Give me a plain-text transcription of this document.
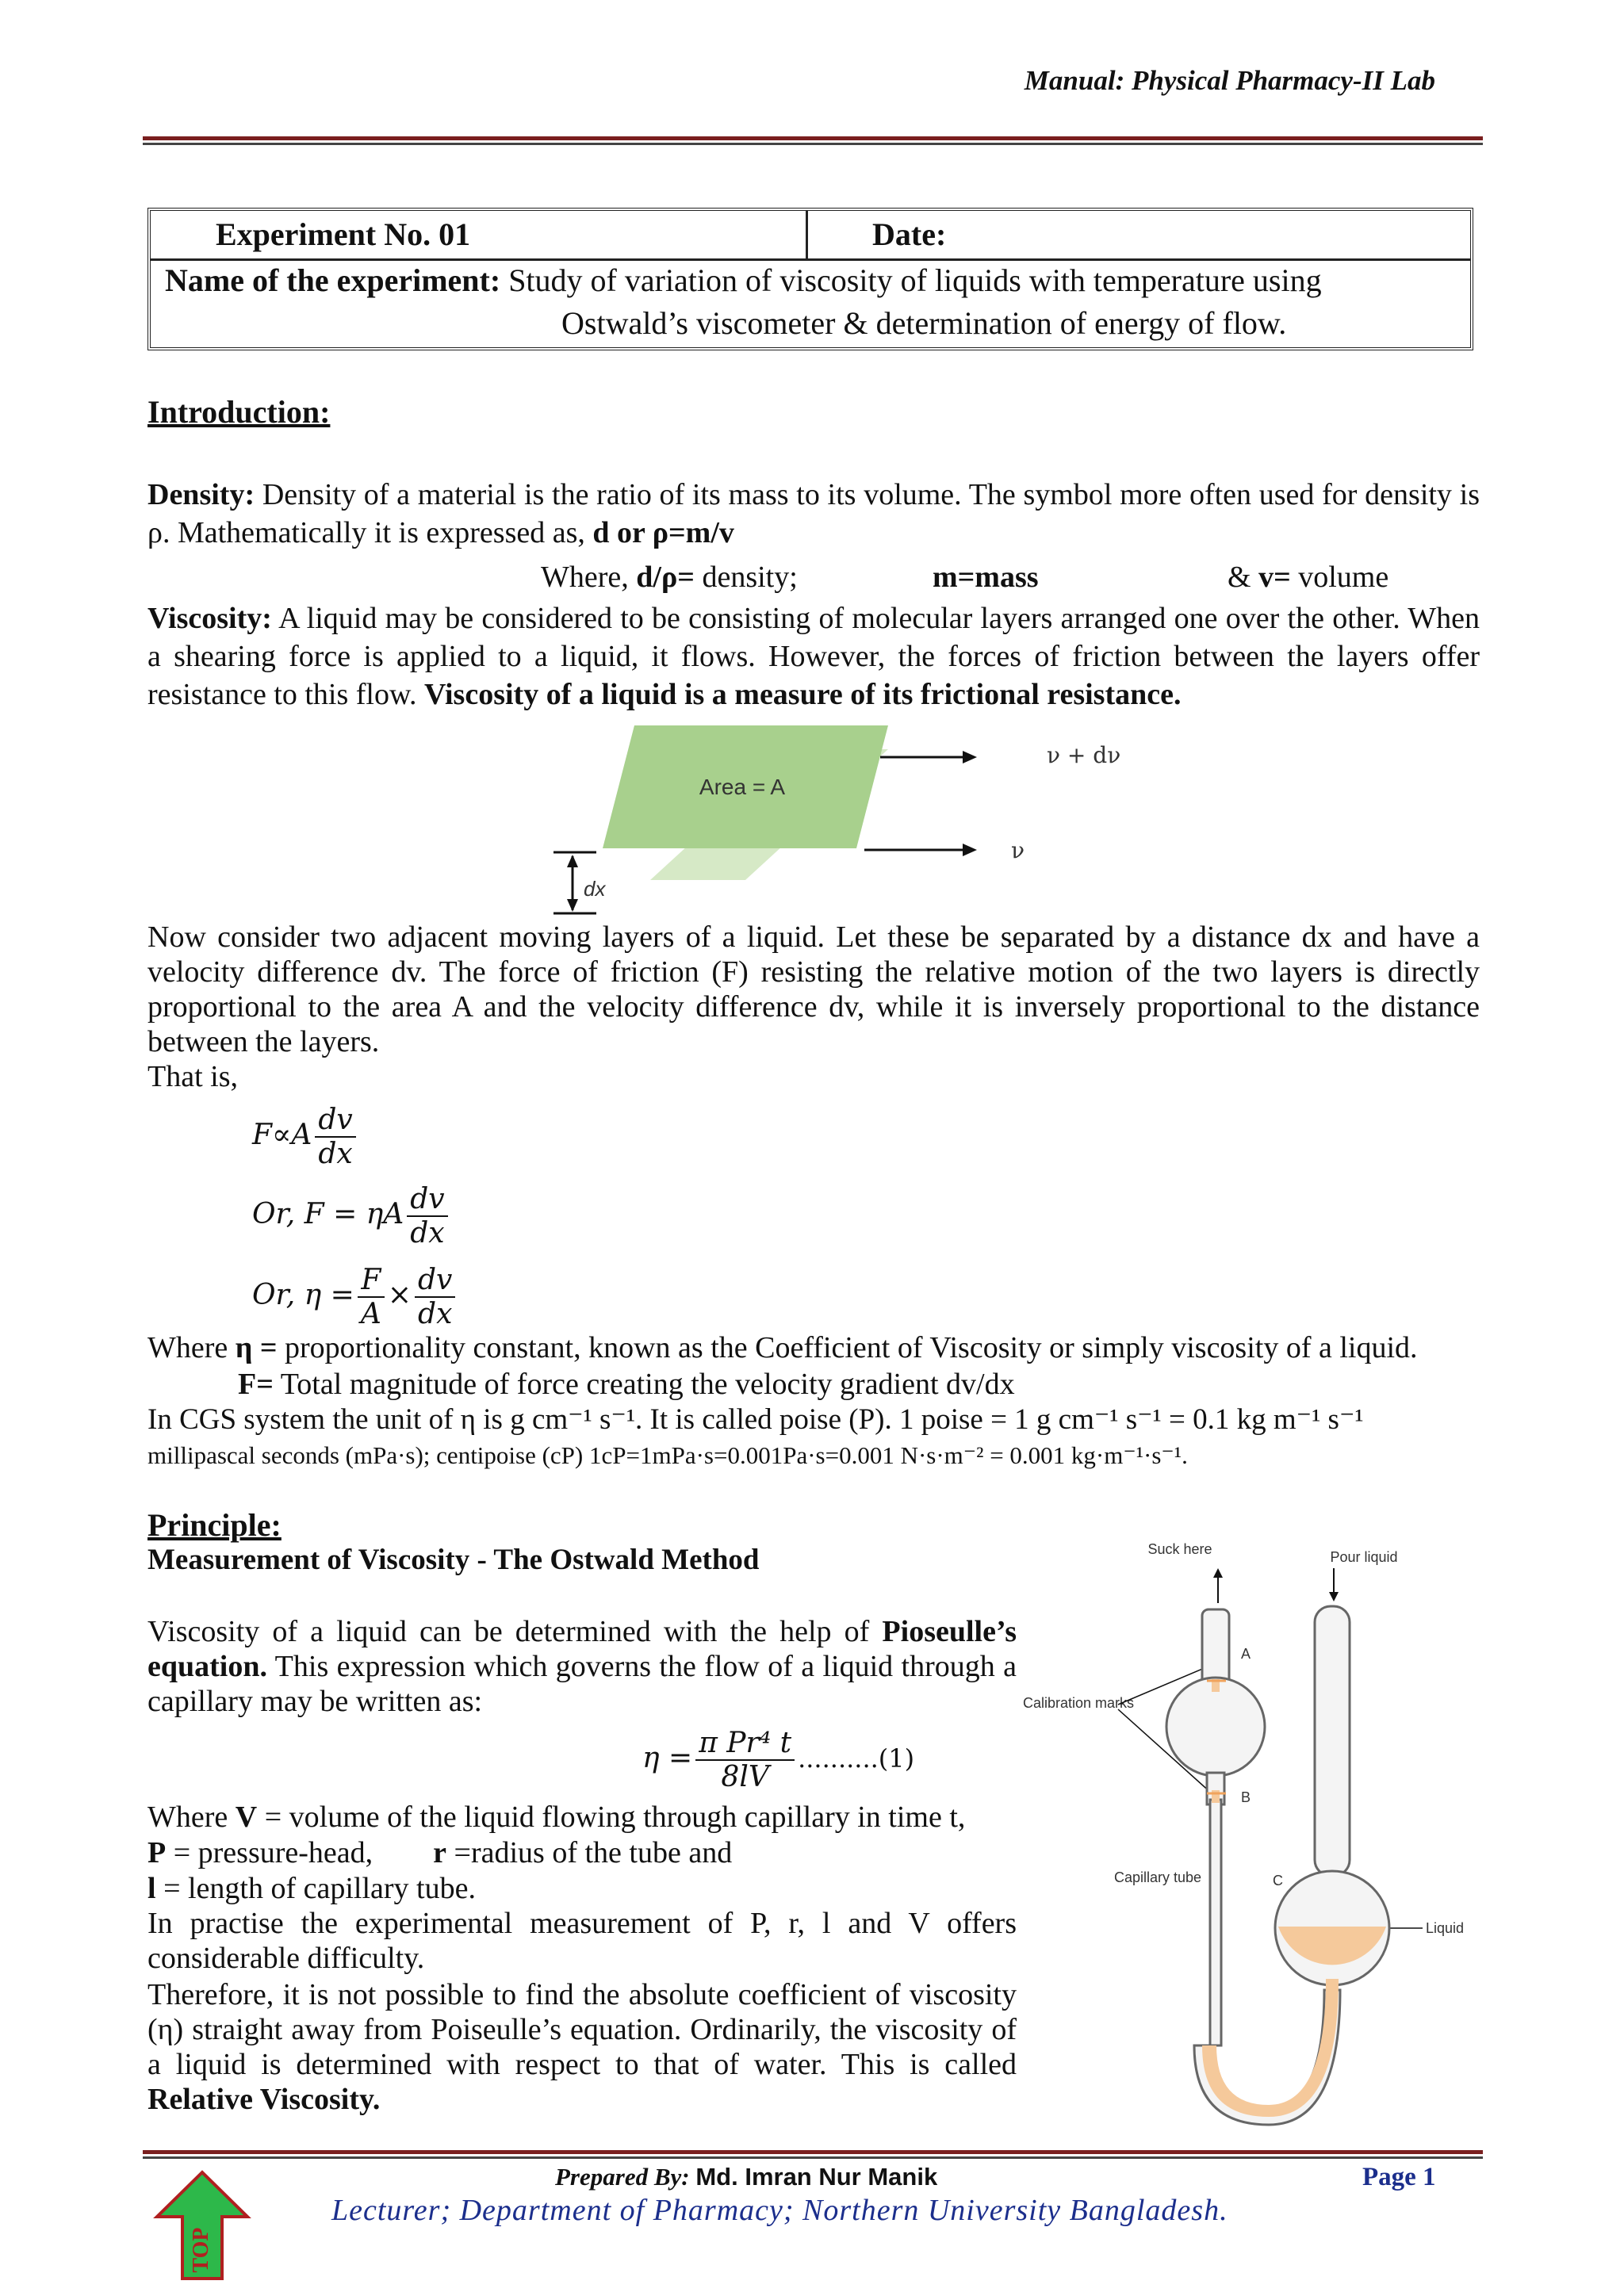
Manual: Physical Pharmacy-II Lab
Experiment No. 01	Date:
Name of the experiment: Study of variation of viscosity of liquids with temperature using
Ostwald’s viscometer & determination of energy of flow.
Introduction:
Density: Density of a material is the ratio of its mass to its volume. The symbol more often used for density is ρ. Mathematically it is expressed as, d or ρ=m/v
Where, d/ρ= density;	m=mass	& v= volume
Viscosity: A liquid may be considered to be consisting of molecular layers arranged one over the other. When a shearing force is applied to a liquid, it flows. However, the forces of friction between the layers offer resistance to this flow. Viscosity of a liquid is a measure of its frictional resistance.
Area = A
ν + dν
ν
dx
Now consider two adjacent moving layers of a liquid. Let these be separated by a distance dx and have a velocity difference dv. The force of friction (F) resisting the relative motion of the two layers is directly proportional to the area A and the velocity difference dv, while it is inversely proportional to the distance between the layers.
That is,
$F\propto A \frac{dv}{dx}$
Or, F = ηA $\frac{dv}{dx}$
Or, $\eta = \frac{F}{A} \times \frac{dv}{dx}$
Where η = proportionality constant, known as the Coefficient of Viscosity or simply viscosity of a liquid.
F= Total magnitude of force creating the velocity gradient dv/dx
In CGS system the unit of η is g cm⁻¹ s⁻¹. It is called poise (P). 1 poise = 1 g cm⁻¹ s⁻¹ = 0.1 kg m⁻¹ s⁻¹
millipascal seconds (mPa·s); centipoise (cP) 1cP=1mPa·s=0.001Pa·s=0.001 N·s·m⁻² = 0.001 kg·m⁻¹·s⁻¹.
Principle:
Measurement of Viscosity - The Ostwald Method
Viscosity of a liquid can be determined with the help of Pioseulle’s equation. This expression which governs the flow of a liquid through a capillary may be written as:
$\eta = \frac{\text{π Pr⁴ t}}{8lV} ..........(1)$
Where V = volume of the liquid flowing through capillary in time t,
P = pressure-head, r =radius of the tube and
l = length of capillary tube.
In practise the experimental measurement of P, r, l and V offers considerable difficulty.
Therefore, it is not possible to find the absolute coefficient of viscosity (η) straight away from Poiseulle’s equation. Ordinarily, the viscosity of a liquid is determined with respect to that of water. This is called Relative Viscosity.
Suck here	Pour liquid
Calibration marks
Capillary tube
A
B
C
Liquid
Prepared By: Md. Imran Nur Manik	Page 1
Lecturer; Department of Pharmacy; Northern University Bangladesh.
TOP
